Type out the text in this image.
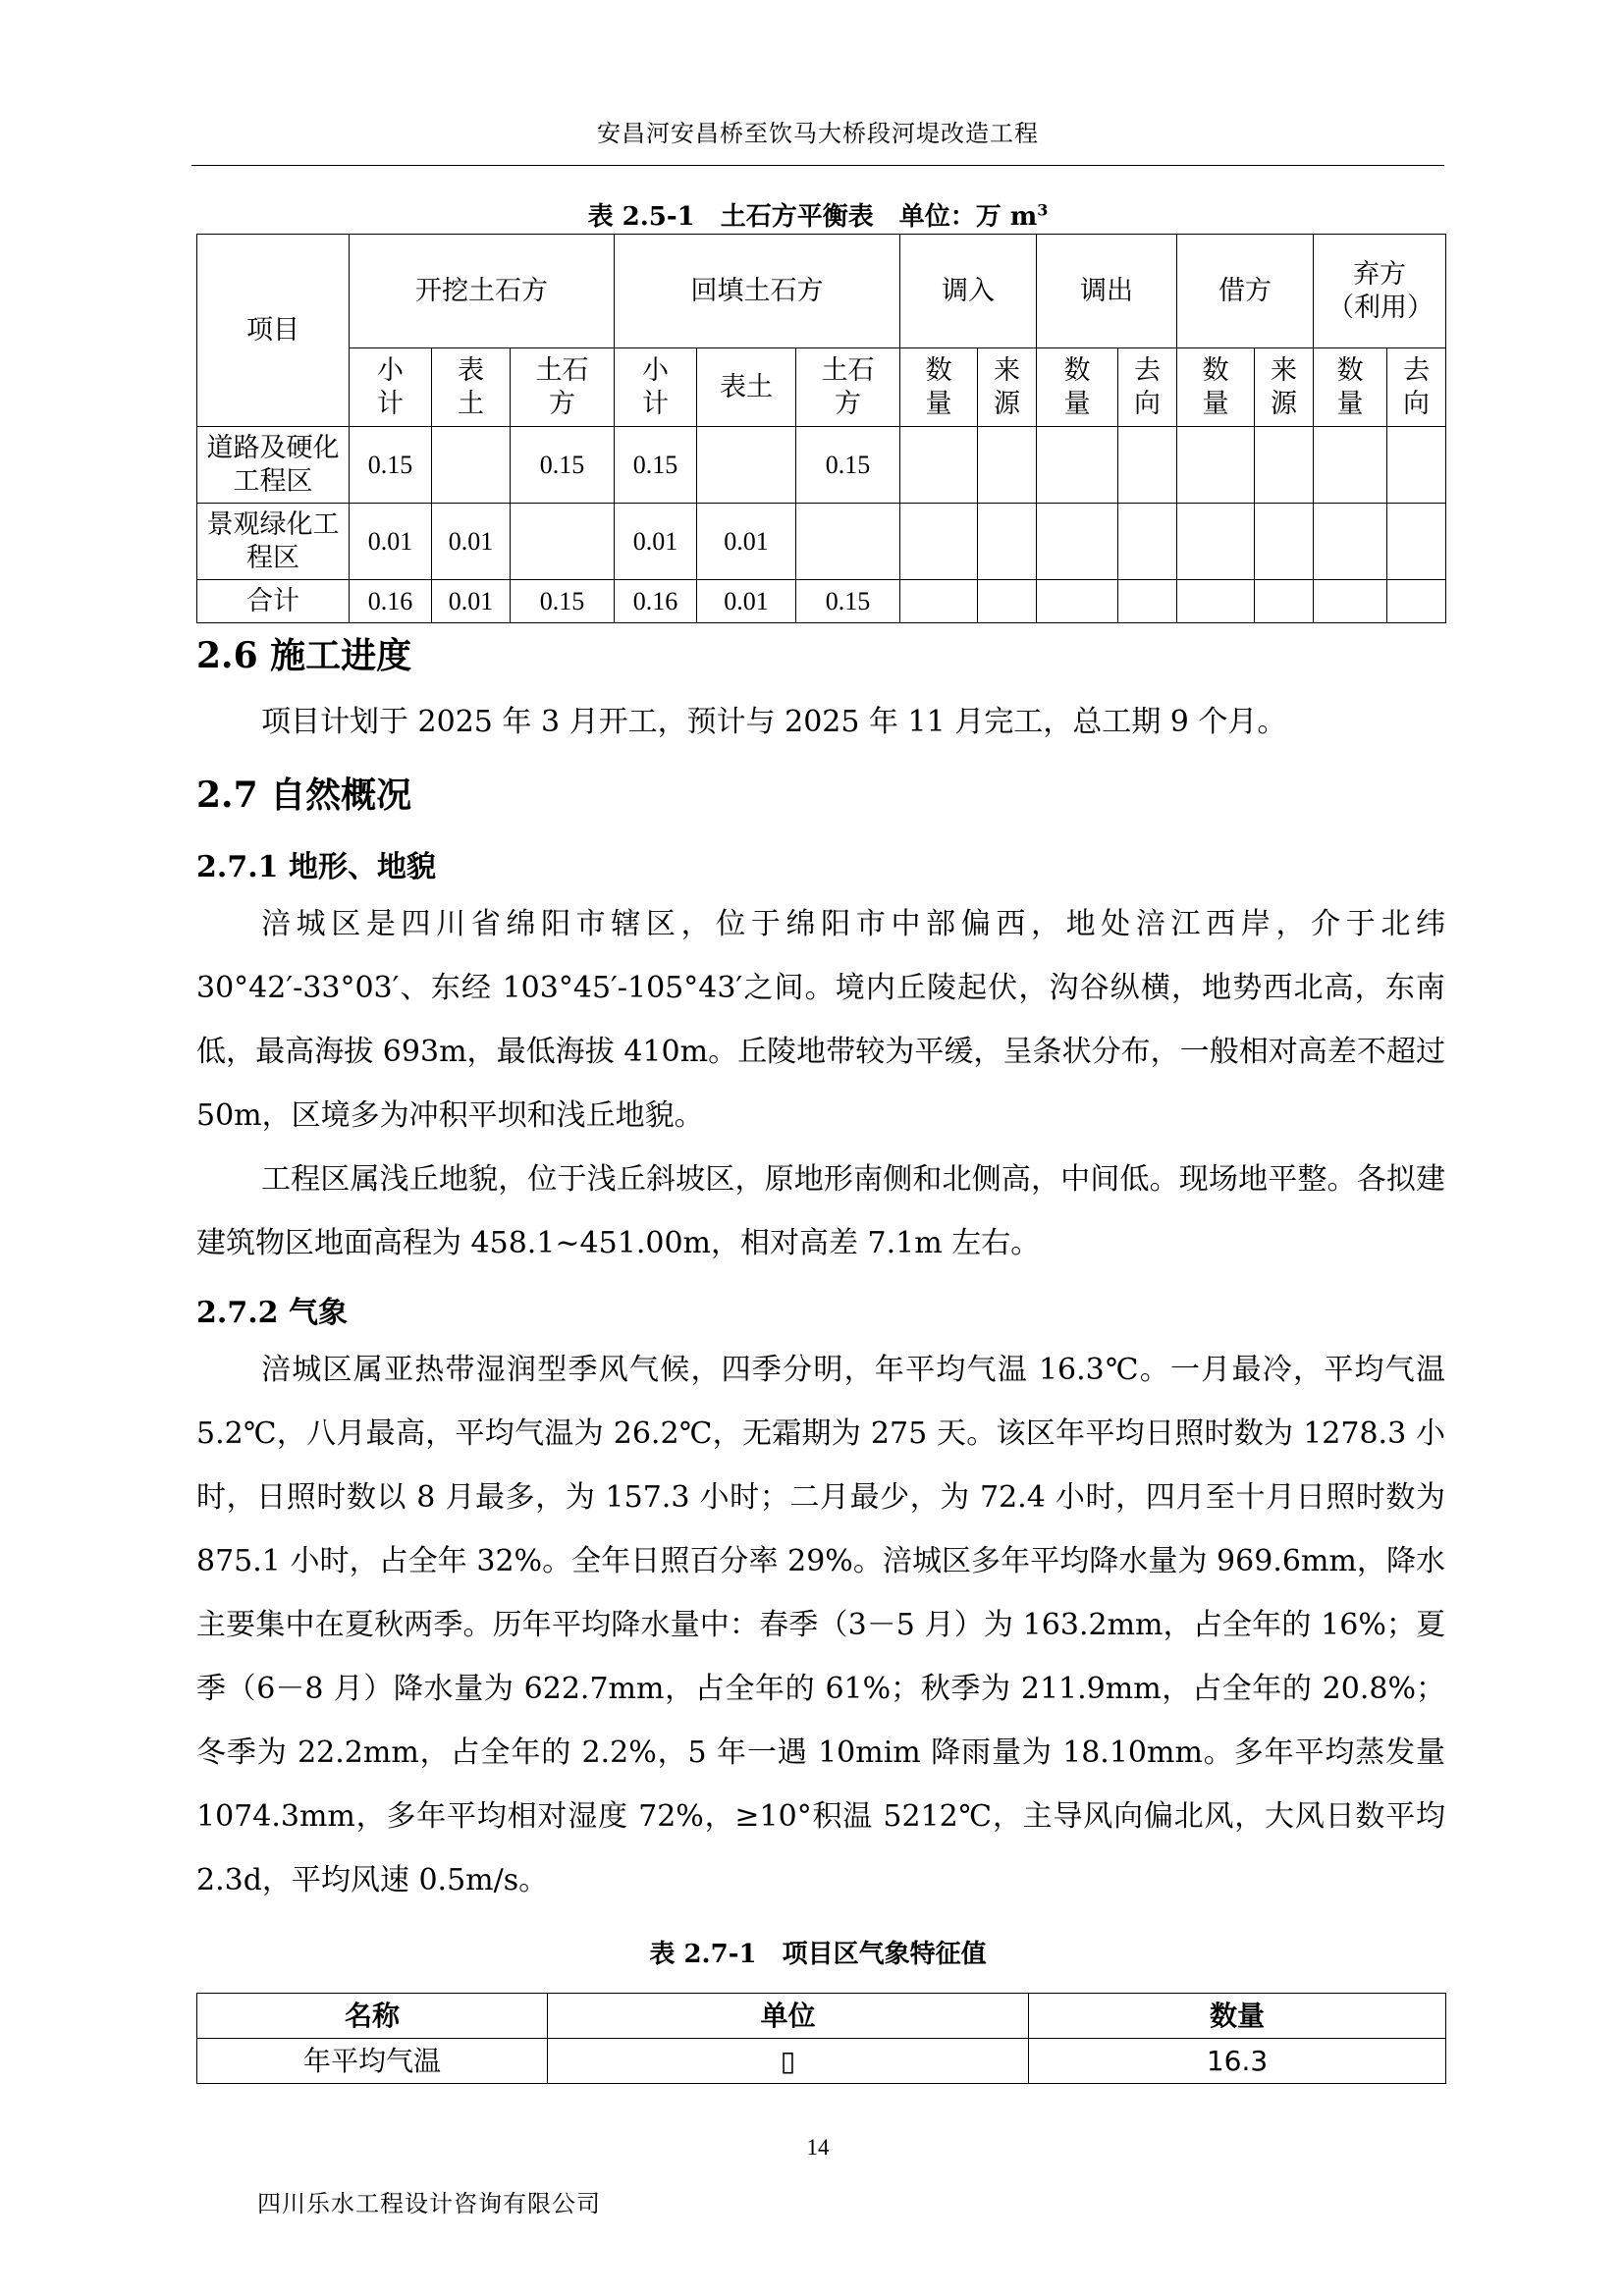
安昌河安昌桥至饮马大桥段河堤改造工程
表 2.5-1　土石方平衡表　单位：万 $m^3$
项目	开挖土石方			回填土石方			调入		调出		借方		弃方（利用）	
	小计	表土	土石方	小计	表土	土石方	数量	来源	数量	去向	数量	来源	数量	去向
道路及硬化工程区	0.15		0.15	0.15		0.15								
景观绿化工程区	0.01	0.01		0.01	0.01									
合计	0.16	0.01	0.15	0.16	0.01	0.15								
2.6 施工进度
项目计划于 2025 年 3 月开工，预计与 2025 年 11 月完工，总工期 9 个月。
2.7 自然概况
2.7.1 地形、地貌
涪城区是四川省绵阳市辖区，位于绵阳市中部偏西，地处涪江西岸，介于北纬 30°42′-33°03′、东经 103°45′-105°43′之间。境内丘陵起伏，沟谷纵横，地势西北高，东南低，最高海拔 693m，最低海拔 410m。丘陵地带较为平缓，呈条状分布，一般相对高差不超过 50m，区境多为冲积平坝和浅丘地貌。
工程区属浅丘地貌，位于浅丘斜坡区，原地形南侧和北侧高，中间低。现场地平整。各拟建建筑物区地面高程为 458.1~451.00m，相对高差 7.1m 左右。
2.7.2 气象
涪城区属亚热带湿润型季风气候，四季分明，年平均气温 16.3℃。一月最冷，平均气温 5.2℃，八月最高，平均气温为 26.2℃，无霜期为 275 天。该区年平均日照时数为 1278.3 小时，日照时数以 8 月最多，为 157.3 小时；二月最少，为 72.4 小时，四月至十月日照时数为 875.1 小时，占全年 32%。全年日照百分率 29%。涪城区多年平均降水量为 969.6mm，降水主要集中在夏秋两季。历年平均降水量中：春季（3－5 月）为 163.2mm，占全年的 16%；夏季（6－8 月）降水量为 622.7mm，占全年的 61%；秋季为 211.9mm，占全年的 20.8%；冬季为 22.2mm，占全年的 2.2%，5 年一遇 10mim 降雨量为 18.10mm。多年平均蒸发量 1074.3mm，多年平均相对湿度 72%，≥10°积温 5212℃，主导风向偏北风，大风日数平均 2.3d，平均风速 0.5m/s。
表 2.7-1　项目区气象特征值
名称	单位	数量
年平均气温	▯	16.3
14
四川乐水工程设计咨询有限公司
